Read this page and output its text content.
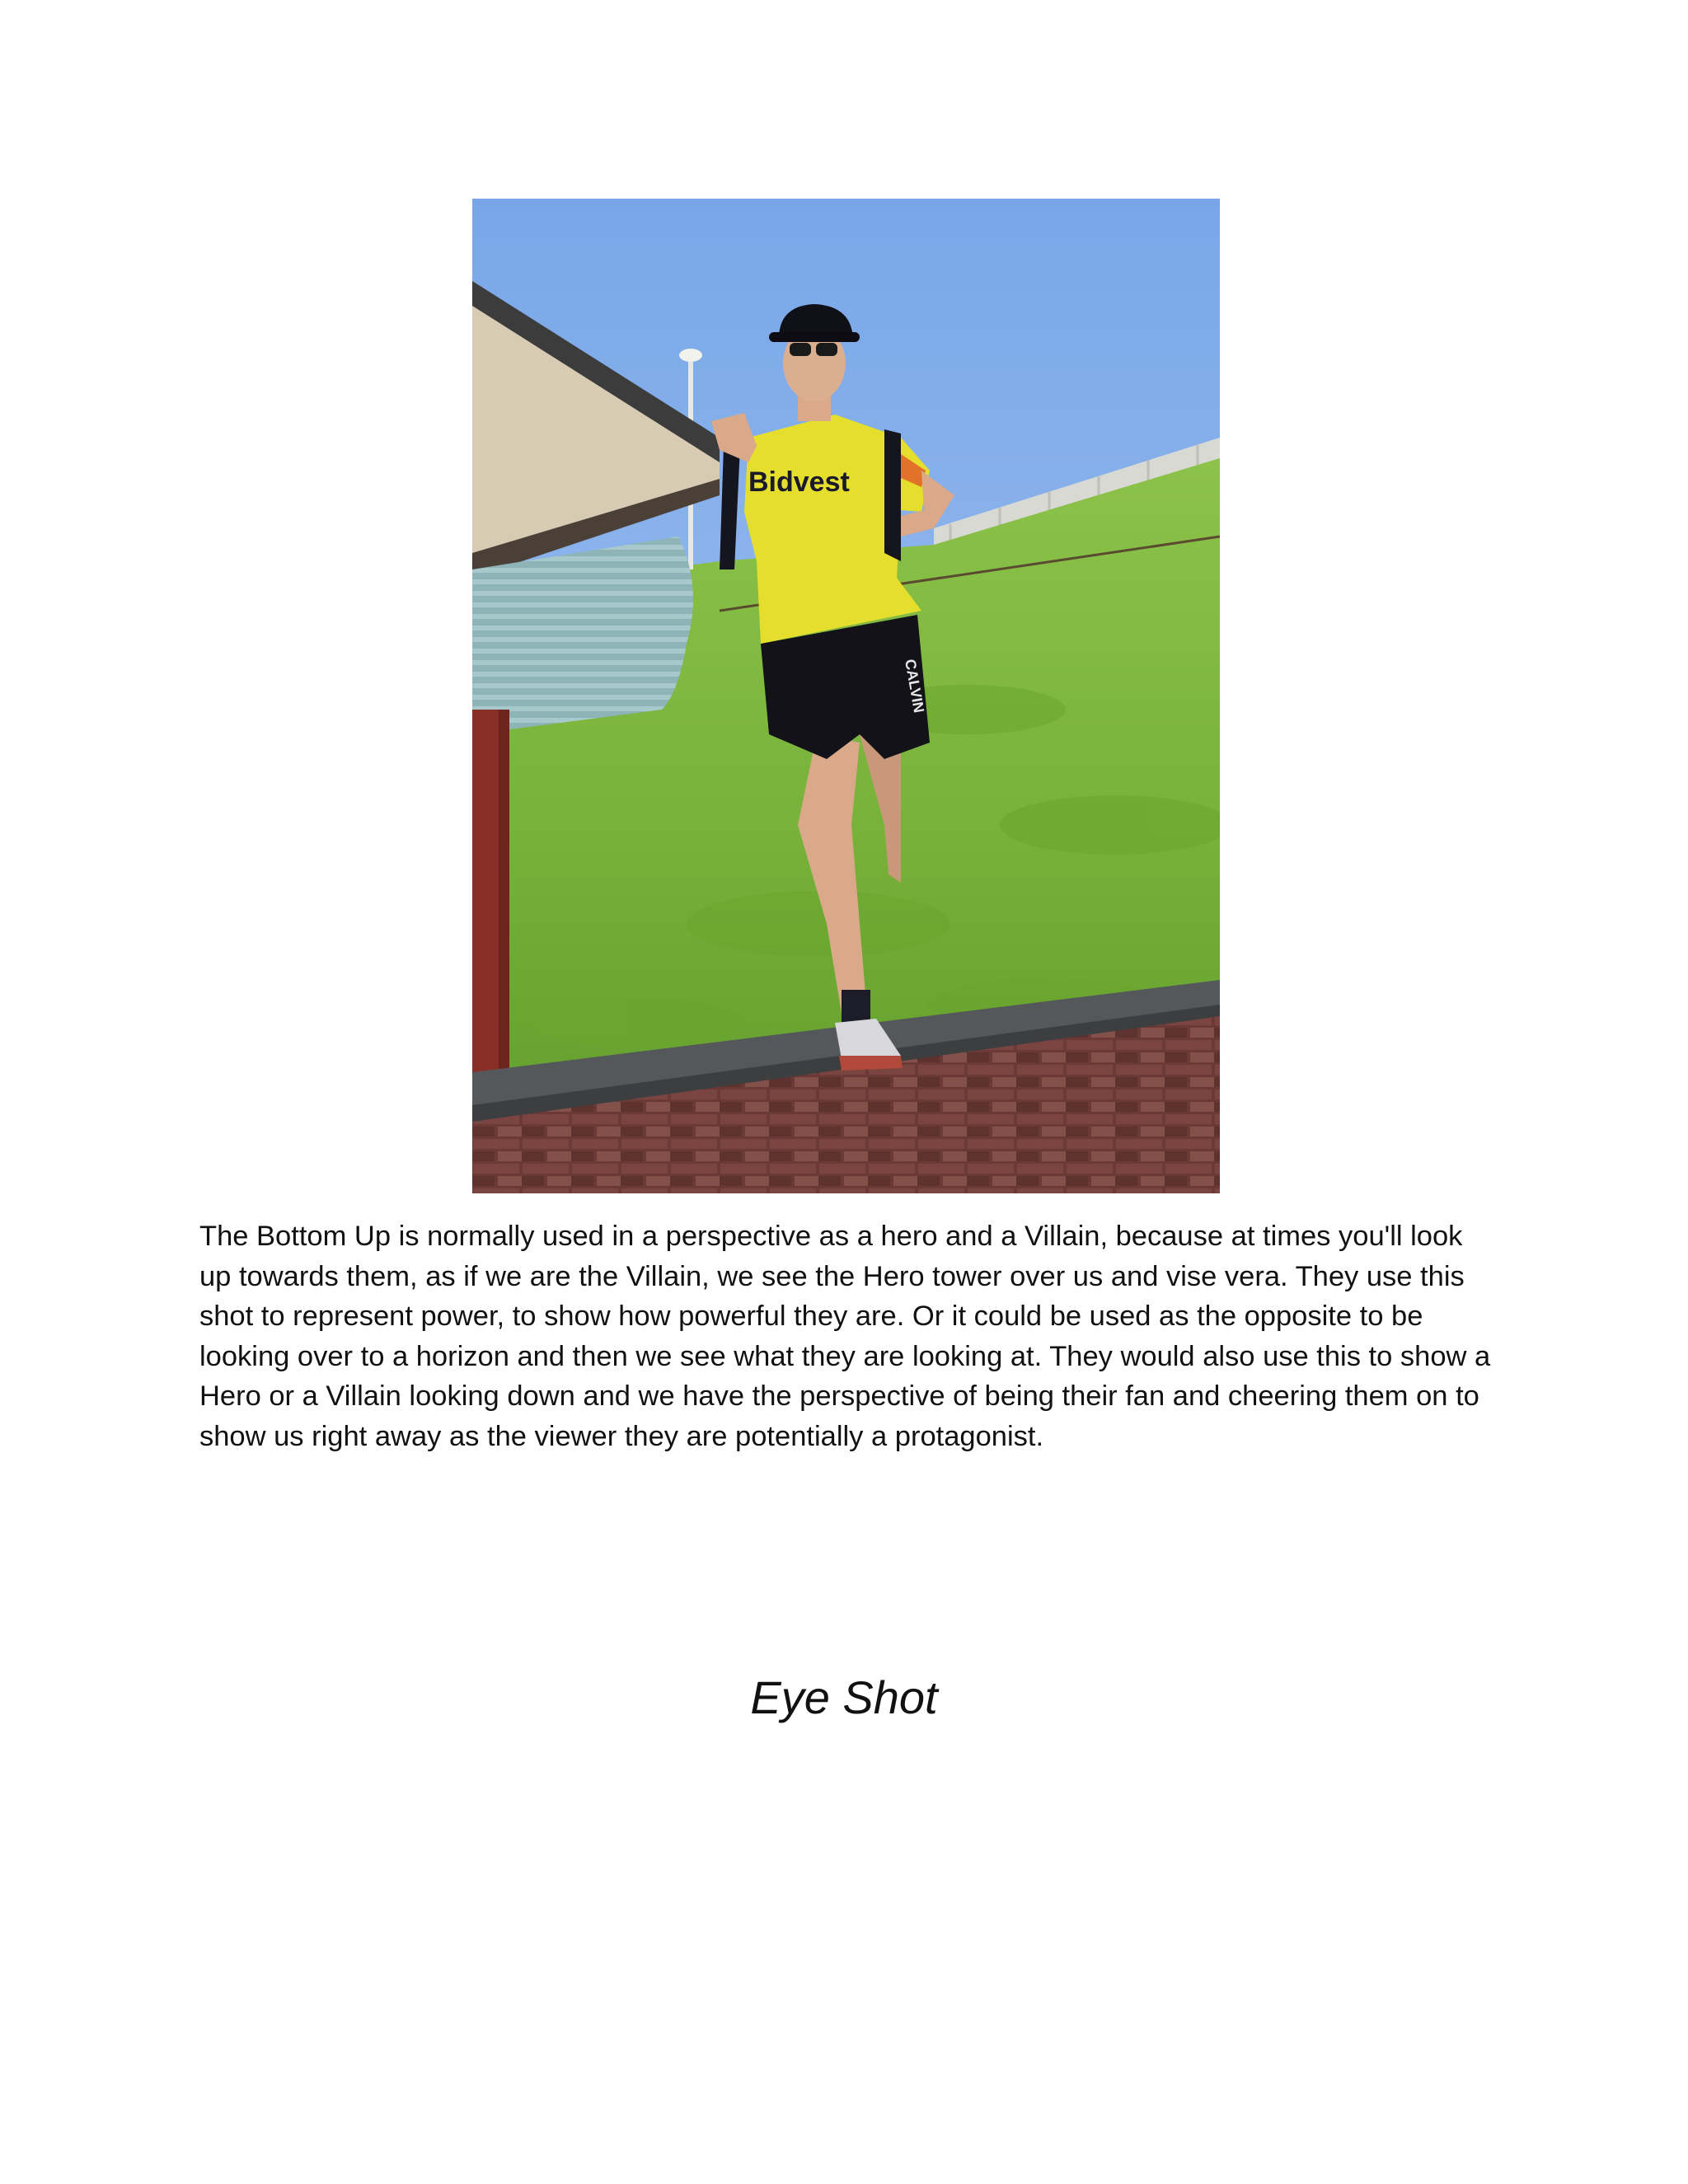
CALVIN
Bidvest

The Bottom Up is normally used in a perspective as a hero and a Villain, because at times you'll look up towards them, as if we are the Villain, we see the Hero tower over us and vise vera. They use this shot to represent power, to show how powerful they are. Or it could be used as the opposite to be looking over to a horizon and then we see what they are looking at. They would also use this to show a Hero or a Villain looking down and we have the perspective of being their fan and cheering them on to show us right away as the viewer they are potentially a protagonist.

Eye Shot
